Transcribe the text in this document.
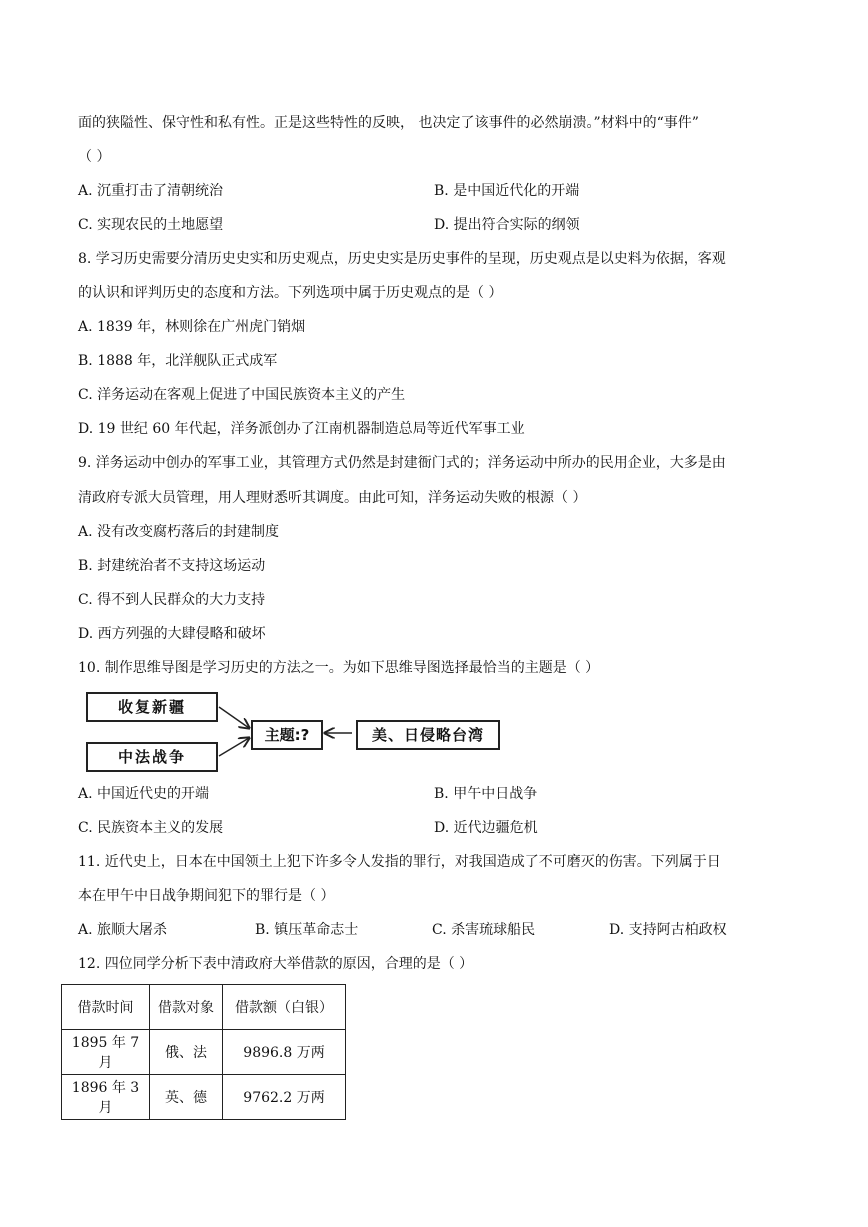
面的狭隘性、保守性和私有性。正是这些特性的反映， 也决定了该事件的必然崩溃。”材料中的“事件”
（ ）
A. 沉重打击了清朝统治	B. 是中国近代化的开端
C. 实现农民的土地愿望	D. 提出符合实际的纲领
8. 学习历史需要分清历史史实和历史观点，历史史实是历史事件的呈现，历史观点是以史料为依据，客观
的认识和评判历史的态度和方法。下列选项中属于历史观点的是（ ）
A. 1839 年，林则徐在广州虎门销烟
B. 1888 年，北洋舰队正式成军
C. 洋务运动在客观上促进了中国民族资本主义的产生
D. 19 世纪 60 年代起，洋务派创办了江南机器制造总局等近代军事工业
9. 洋务运动中创办的军事工业，其管理方式仍然是封建衙门式的；洋务运动中所办的民用企业，大多是由
清政府专派大员管理，用人理财悉听其调度。由此可知，洋务运动失败的根源（ ）
A. 没有改变腐朽落后的封建制度
B. 封建统治者不支持这场运动
C. 得不到人民群众的大力支持
D. 西方列强的大肆侵略和破坏
10. 制作思维导图是学习历史的方法之一。为如下思维导图选择最恰当的主题是（ ）
收复新疆
中法战争
主题:?	美、日侵略台湾
A. 中国近代史的开端	B. 甲午中日战争
C. 民族资本主义的发展	D. 近代边疆危机
11. 近代史上，日本在中国领土上犯下许多令人发指的罪行，对我国造成了不可磨灭的伤害。下列属于日
本在甲午中日战争期间犯下的罪行是（ ）
A. 旅顺大屠杀	B. 镇压革命志士	C. 杀害琉球船民	D. 支持阿古柏政权
12. 四位同学分析下表中清政府大举借款的原因，合理的是（ ）
借款时间	借款对象	借款额（白银）
1895 年 7 月	俄、法	9896.8 万两
1896 年 3 月	英、德	9762.2 万两
